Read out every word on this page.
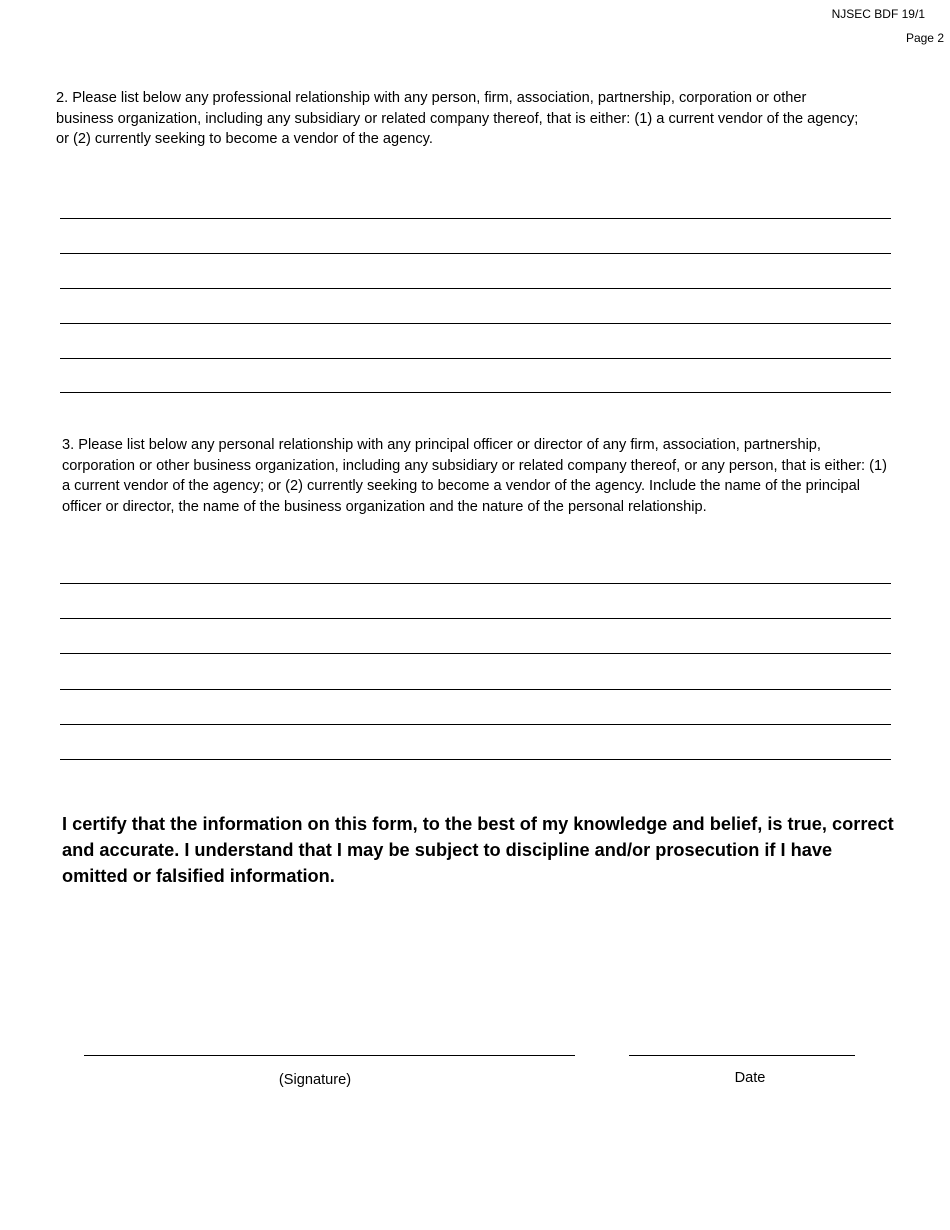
NJSEC BDF 19/1
Page 2

2. Please list below any professional relationship with any person, firm, association, partnership, corporation or other business organization, including any subsidiary or related company thereof, that is either: (1) a current vendor of the agency; or (2) currently seeking to become a vendor of the agency.

3. Please list below any personal relationship with any principal officer or director of any firm, association, partnership, corporation or other business organization, including any subsidiary or related company thereof, or any person, that is either: (1) a current vendor of the agency; or (2) currently seeking to become a vendor of the agency. Include the name of the principal officer or director, the name of the business organization and the nature of the personal relationship.

I certify that the information on this form, to the best of my knowledge and belief, is true, correct and accurate. I understand that I may be subject to discipline and/or prosecution if I have omitted or falsified information.

(Signature)	Date
